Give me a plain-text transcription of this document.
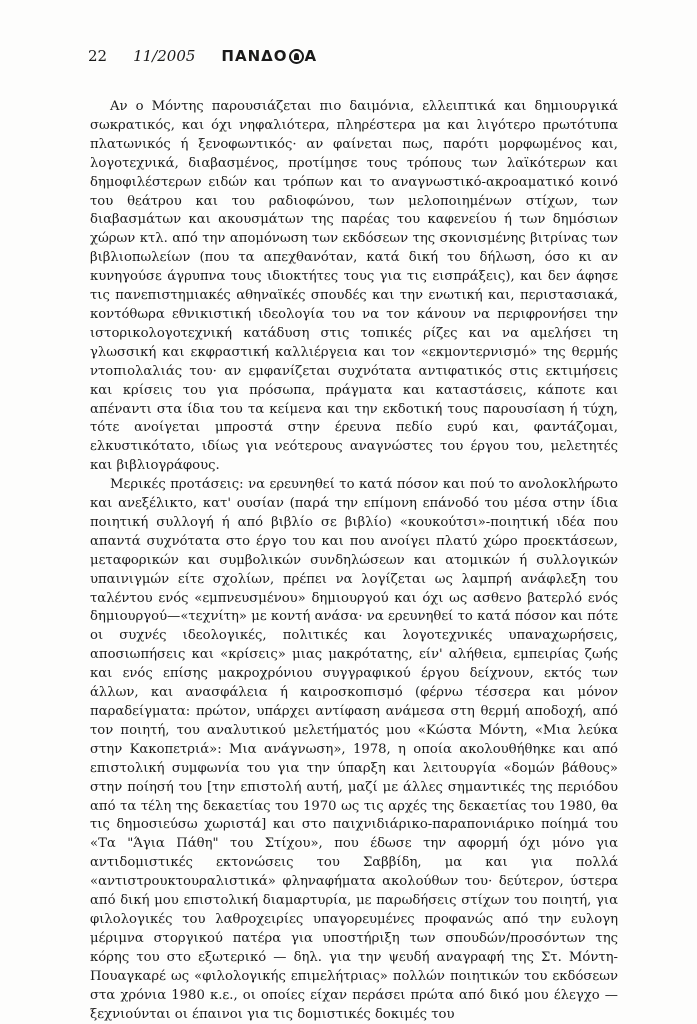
22 11/2005 ΠΑΝΔΟ Α

Αν ο Μόντης παρουσιάζεται πιο δαιμόνια, ελλειπτικά και δημιουργικά σωκρατικός, και όχι νηφαλιότερα, πληρέστερα μα και λιγότερο πρωτότυπα πλατωνικός ή ξενοφωντικός· αν φαίνεται πως, παρότι μορφωμένος και, λογοτεχνικά, διαβασμένος, προτίμησε τους τρόπους των λαϊκότερων και δημοφιλέστερων ειδών και τρόπων και το αναγνωστικό-ακροαματικό κοινό του θεάτρου και του ραδιοφώνου, των μελοποιημένων στίχων, των διαβασμάτων και ακουσμάτων της παρέας του καφενείου ή των δημόσιων χώρων κτλ. από την απομόνωση των εκδόσεων της σκονισμένης βιτρίνας των βιβλιοπωλείων (που τα απεχθανόταν, κατά δική του δήλωση, όσο κι αν κυνηγούσε άγρυπνα τους ιδιοκτήτες τους για τις εισπράξεις), και δεν άφησε τις πανεπιστημιακές αθηναϊκές σπουδές και την ενωτική και, περιστασιακά, κοντόθωρα εθνικιστική ιδεολογία του να τον κάνουν να περιφρονήσει την ιστορικολογοτεχνική κατάδυση στις τοπικές ρίζες και να αμελήσει τη γλωσσική και εκφραστική καλλιέργεια και τον «εκμοντερνισμό» της θερμής ντοπιολαλιάς του· αν εμφανίζεται συχνότατα αντιφατικός στις εκτιμήσεις και κρίσεις του για πρόσωπα, πράγματα και καταστάσεις, κάποτε και απέναντι στα ίδια του τα κείμενα και την εκδοτική τους παρουσίαση ή τύχη, τότε ανοίγεται μπροστά στην έρευνα πεδίο ευρύ και, φαντάζομαι, ελκυστικότατο, ιδίως για νεότερους αναγνώστες του έργου του, μελετητές και βιβλιογράφους.

Μερικές προτάσεις: να ερευνηθεί το κατά πόσον και πού το ανολοκλήρωτο και ανεξέλικτο, κατ' ουσίαν (παρά την επίμονη επάνοδό του μέσα στην ίδια ποιητική συλλογή ή από βιβλίο σε βιβλίο) «κουκούτσι»-ποιητική ιδέα που απαντά συχνότατα στο έργο του και που ανοίγει πλατύ χώρο προεκτάσεων, μεταφορικών και συμβολικών συνδηλώσεων και ατομικών ή συλλογικών υπαινιγμών είτε σχολίων, πρέπει να λογίζεται ως λαμπρή ανάφλεξη του ταλέντου ενός «εμπνευσμένου» δημιουργού και όχι ως ασθενο βατερλό ενός δημιουργού—«τεχνίτη» με κοντή ανάσα· να ερευνηθεί το κατά πόσον και πότε οι συχνές ιδεολογικές, πολιτικές και λογοτεχνικές υπαναχωρήσεις, αποσιωπήσεις και «κρίσεις» μιας μακρότατης, είν' αλήθεια, εμπειρίας ζωής και ενός επίσης μακροχρόνιου συγγραφικού έργου δείχνουν, εκτός των άλλων, και ανασφάλεια ή καιροσκοπισμό (φέρνω τέσσερα και μόνον παραδείγματα: πρώτον, υπάρχει αντίφαση ανάμεσα στη θερμή αποδοχή, από τον ποιητή, του αναλυτικού μελετήματός μου «Κώστα Μόντη, «Μια λεύκα στην Κακοπετριά»: Μια ανάγνωση», 1978, η οποία ακολουθήθηκε και από επιστολική συμφωνία του για την ύπαρξη και λειτουργία «δομών βάθους» στην ποίησή του [την επιστολή αυτή, μαζί με άλλες σημαντικές της περιόδου από τα τέλη της δεκαετίας του 1970 ως τις αρχές της δεκαετίας του 1980, θα τις δημοσιεύσω χωριστά] και στο παιχνιδιάρικο-παραπονιάρικο ποίημά του «Τα "Άγια Πάθη" του Στίχου», που έδωσε την αφορμή όχι μόνο για αντιδομιστικές εκτονώσεις του Σαββίδη, μα και για πολλά «αντιστρουκτουραλιστικά» φληναφήματα ακολούθων του· δεύτερον, ύστερα από δική μου επιστολική διαμαρτυρία, με παρωδήσεις στίχων του ποιητή, για φιλολογικές του λαθροχειρίες υπαγορευμένες προφανώς από την ευλογη μέριμνα στοργικού πατέρα για υποστήριξη των σπουδών/προσόντων της κόρης του στο εξωτερικό — δηλ. για την ψευδή αναγραφή της Στ. Μόντη-Πουαγκαρέ ως «φιλολογικής επιμελήτριας» πολλών ποιητικών του εκδόσεων στα χρόνια 1980 κ.ε., οι οποίες είχαν περάσει πρώτα από δικό μου έλεγχο —ξεχνιούνται οι έπαινοι για τις δομιστικές δοκιμές του
